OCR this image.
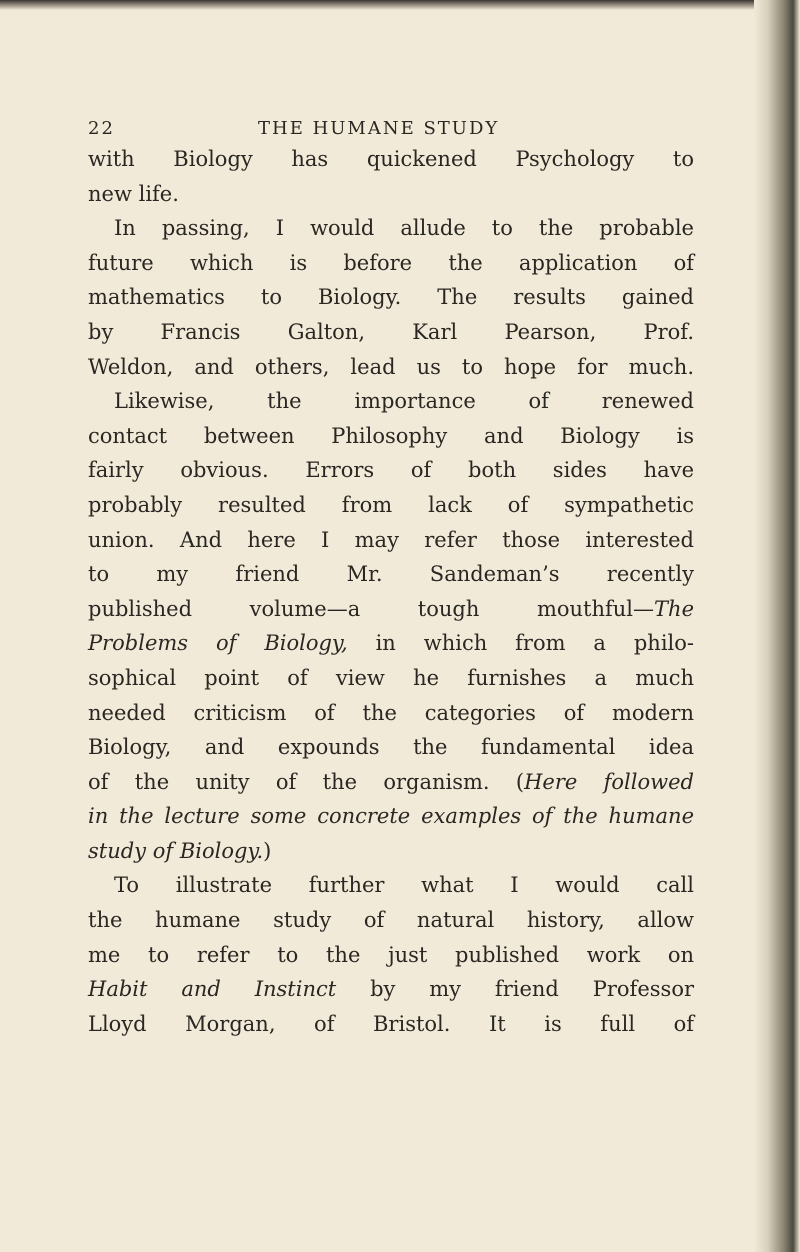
22	THE HUMANE STUDY
with Biology has quickened Psychology to
new life.
In passing, I would allude to the probable
future which is before the application of
mathematics to Biology. The results gained
by Francis Galton, Karl Pearson, Prof.
Weldon, and others, lead us to hope for much.
Likewise, the importance of renewed
contact between Philosophy and Biology is
fairly obvious. Errors of both sides have
probably resulted from lack of sympathetic
union. And here I may refer those interested
to my friend Mr. Sandeman’s recently
published volume—a tough mouthful—The
Problems of Biology, in which from a philo-
sophical point of view he furnishes a much
needed criticism of the categories of modern
Biology, and expounds the fundamental idea
of the unity of the organism. (Here followed
in the lecture some concrete examples of the humane
study of Biology.)
To illustrate further what I would call
the humane study of natural history, allow
me to refer to the just published work on
Habit and Instinct by my friend Professor
Lloyd Morgan, of Bristol. It is full of
